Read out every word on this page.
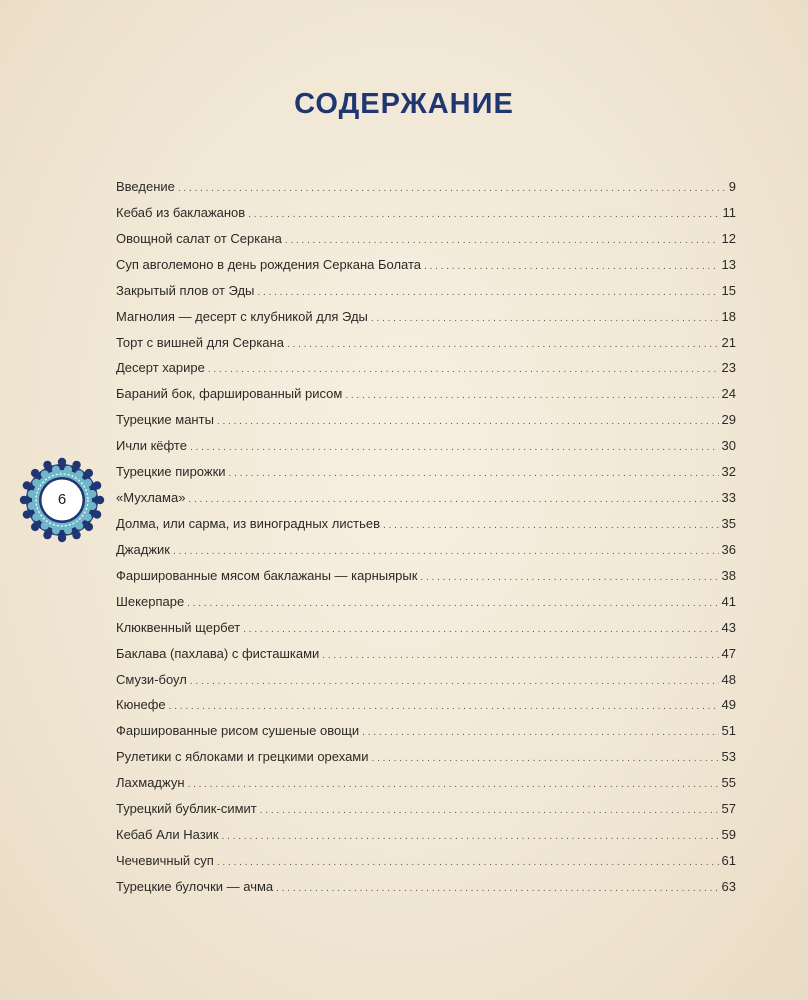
СОДЕРЖАНИЕ
Введение . . .	9
Кебаб из баклажанов . . .	11
Овощной салат от Серкана . . .	12
Суп авголемоно в день рождения Серкана Болата . . .	13
Закрытый плов от Эды . . .	15
Магнолия — десерт с клубникой для Эды . . .	18
Торт с вишней для Серкана . . .	21
Десерт харире . . .	23
Бараний бок, фаршированный рисом . . .	24
Турецкие манты . . .	29
Ичли кёфте . . .	30
Турецкие пирожки . . .	32
«Мухлама» . . .	33
Долма, или сарма, из виноградных листьев . . .	35
Джаджик . . .	36
Фаршированные мясом баклажаны — карныярык . . .	38
Шекерпаре . . .	41
Клюквенный щербет . . .	43
Баклава (пахлава) с фисташками . . .	47
Смузи-боул . . .	48
Кюнефе . . .	49
Фаршированные рисом сушеные овощи . . .	51
Рулетики с яблоками и грецкими орехами . . .	53
Лахмаджун . . .	55
Турецкий бублик-симит . . .	57
Кебаб Али Назик . . .	59
Чечевичный суп . . .	61
Турецкие булочки — ачма . . .	63
6
